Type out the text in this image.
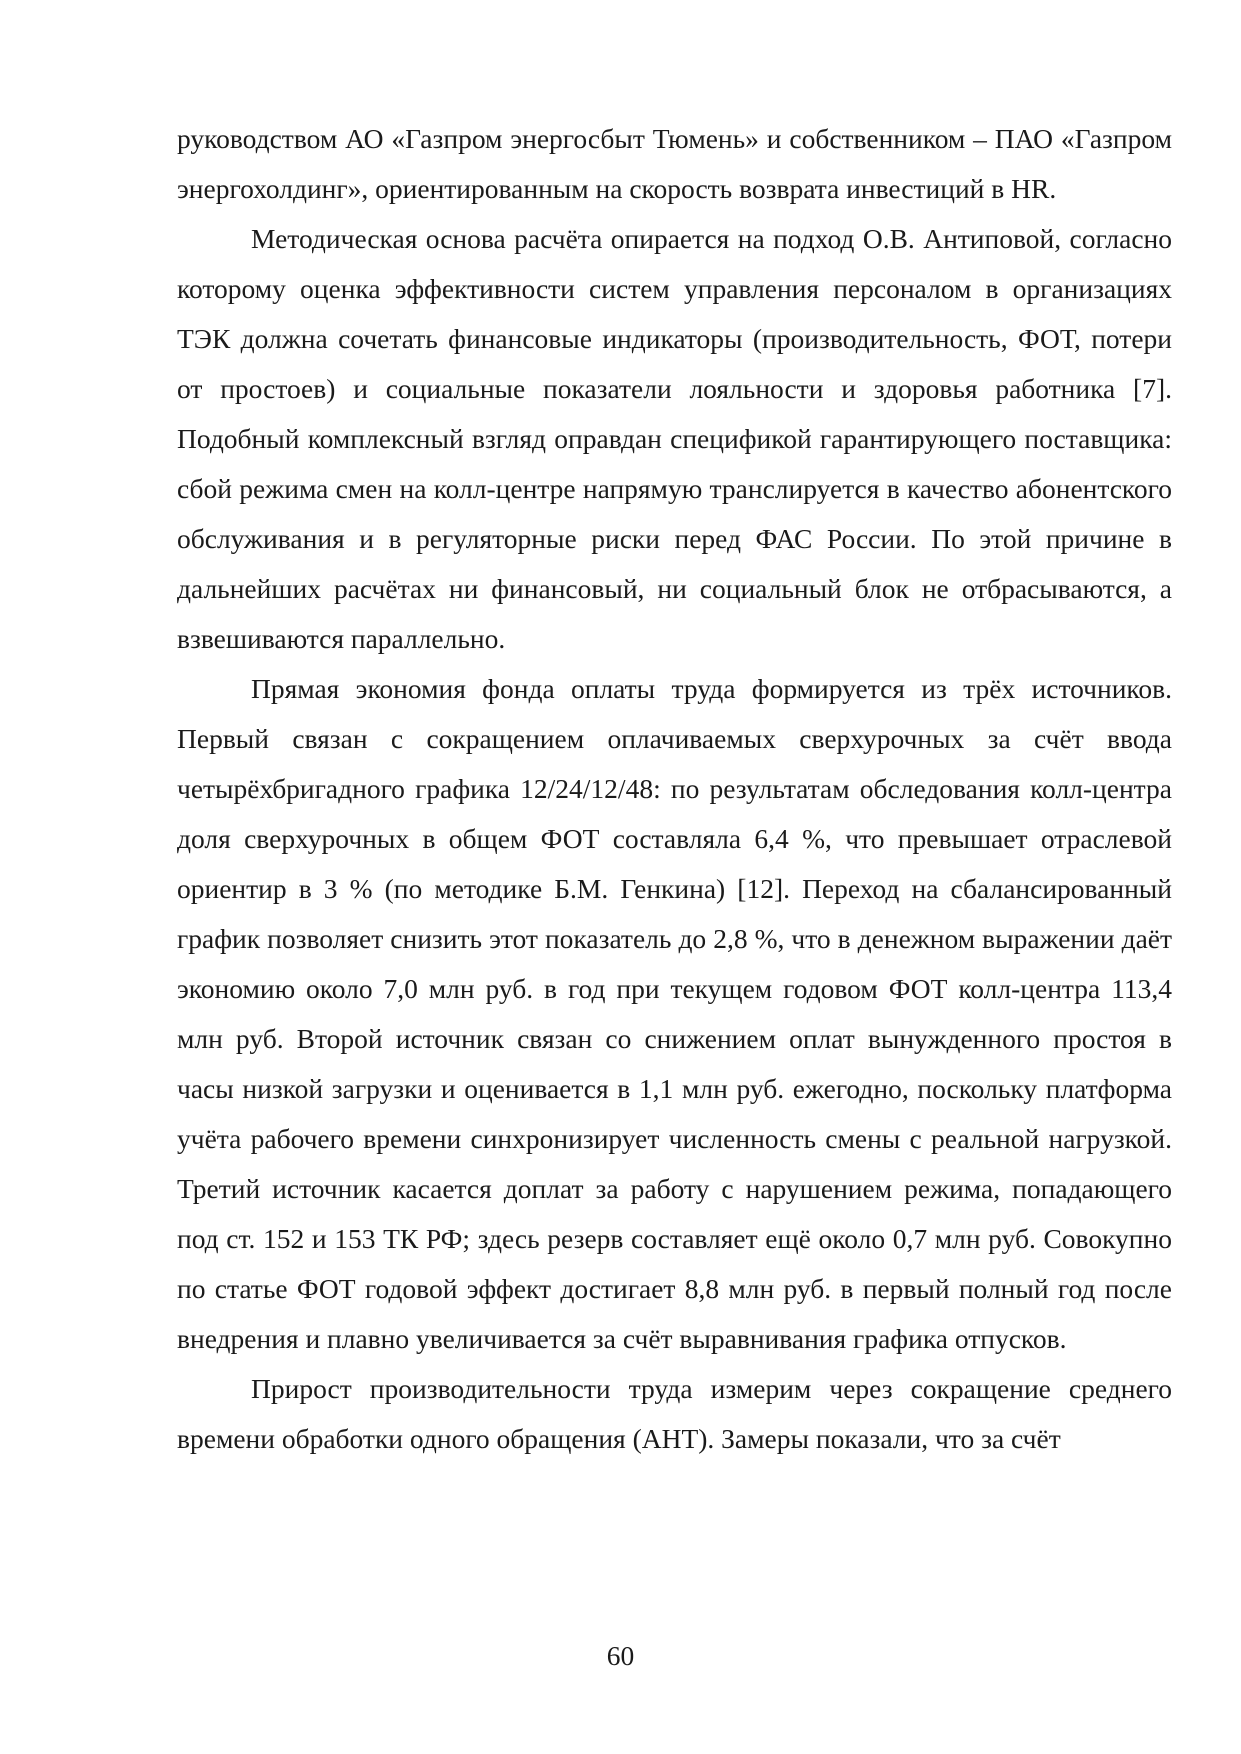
руководством АО «Газпром энергосбыт Тюмень» и собственником – ПАО «Газпром энергохолдинг», ориентированным на скорость возврата инвестиций в HR.

Методическая основа расчёта опирается на подход О.В. Антиповой, согласно которому оценка эффективности систем управления персоналом в организациях ТЭК должна сочетать финансовые индикаторы (производительность, ФОТ, потери от простоев) и социальные показатели лояльности и здоровья работника [7]. Подобный комплексный взгляд оправдан спецификой гарантирующего поставщика: сбой режима смен на колл-центре напрямую транслируется в качество абонентского обслуживания и в регуляторные риски перед ФАС России. По этой причине в дальнейших расчётах ни финансовый, ни социальный блок не отбрасываются, а взвешиваются параллельно.

Прямая экономия фонда оплаты труда формируется из трёх источников. Первый связан с сокращением оплачиваемых сверхурочных за счёт ввода четырёхбригадного графика 12/24/12/48: по результатам обследования колл-центра доля сверхурочных в общем ФОТ составляла 6,4 %, что превышает отраслевой ориентир в 3 % (по методике Б.М. Генкина) [12]. Переход на сбалансированный график позволяет снизить этот показатель до 2,8 %, что в денежном выражении даёт экономию около 7,0 млн руб. в год при текущем годовом ФОТ колл-центра 113,4 млн руб. Второй источник связан со снижением оплат вынужденного простоя в часы низкой загрузки и оценивается в 1,1 млн руб. ежегодно, поскольку платформа учёта рабочего времени синхронизирует численность смены с реальной нагрузкой. Третий источник касается доплат за работу с нарушением режима, попадающего под ст. 152 и 153 ТК РФ; здесь резерв составляет ещё около 0,7 млн руб. Совокупно по статье ФОТ годовой эффект достигает 8,8 млн руб. в первый полный год после внедрения и плавно увеличивается за счёт выравнивания графика отпусков.

Прирост производительности труда измерим через сокращение среднего времени обработки одного обращения (AHT). Замеры показали, что за счёт

60
